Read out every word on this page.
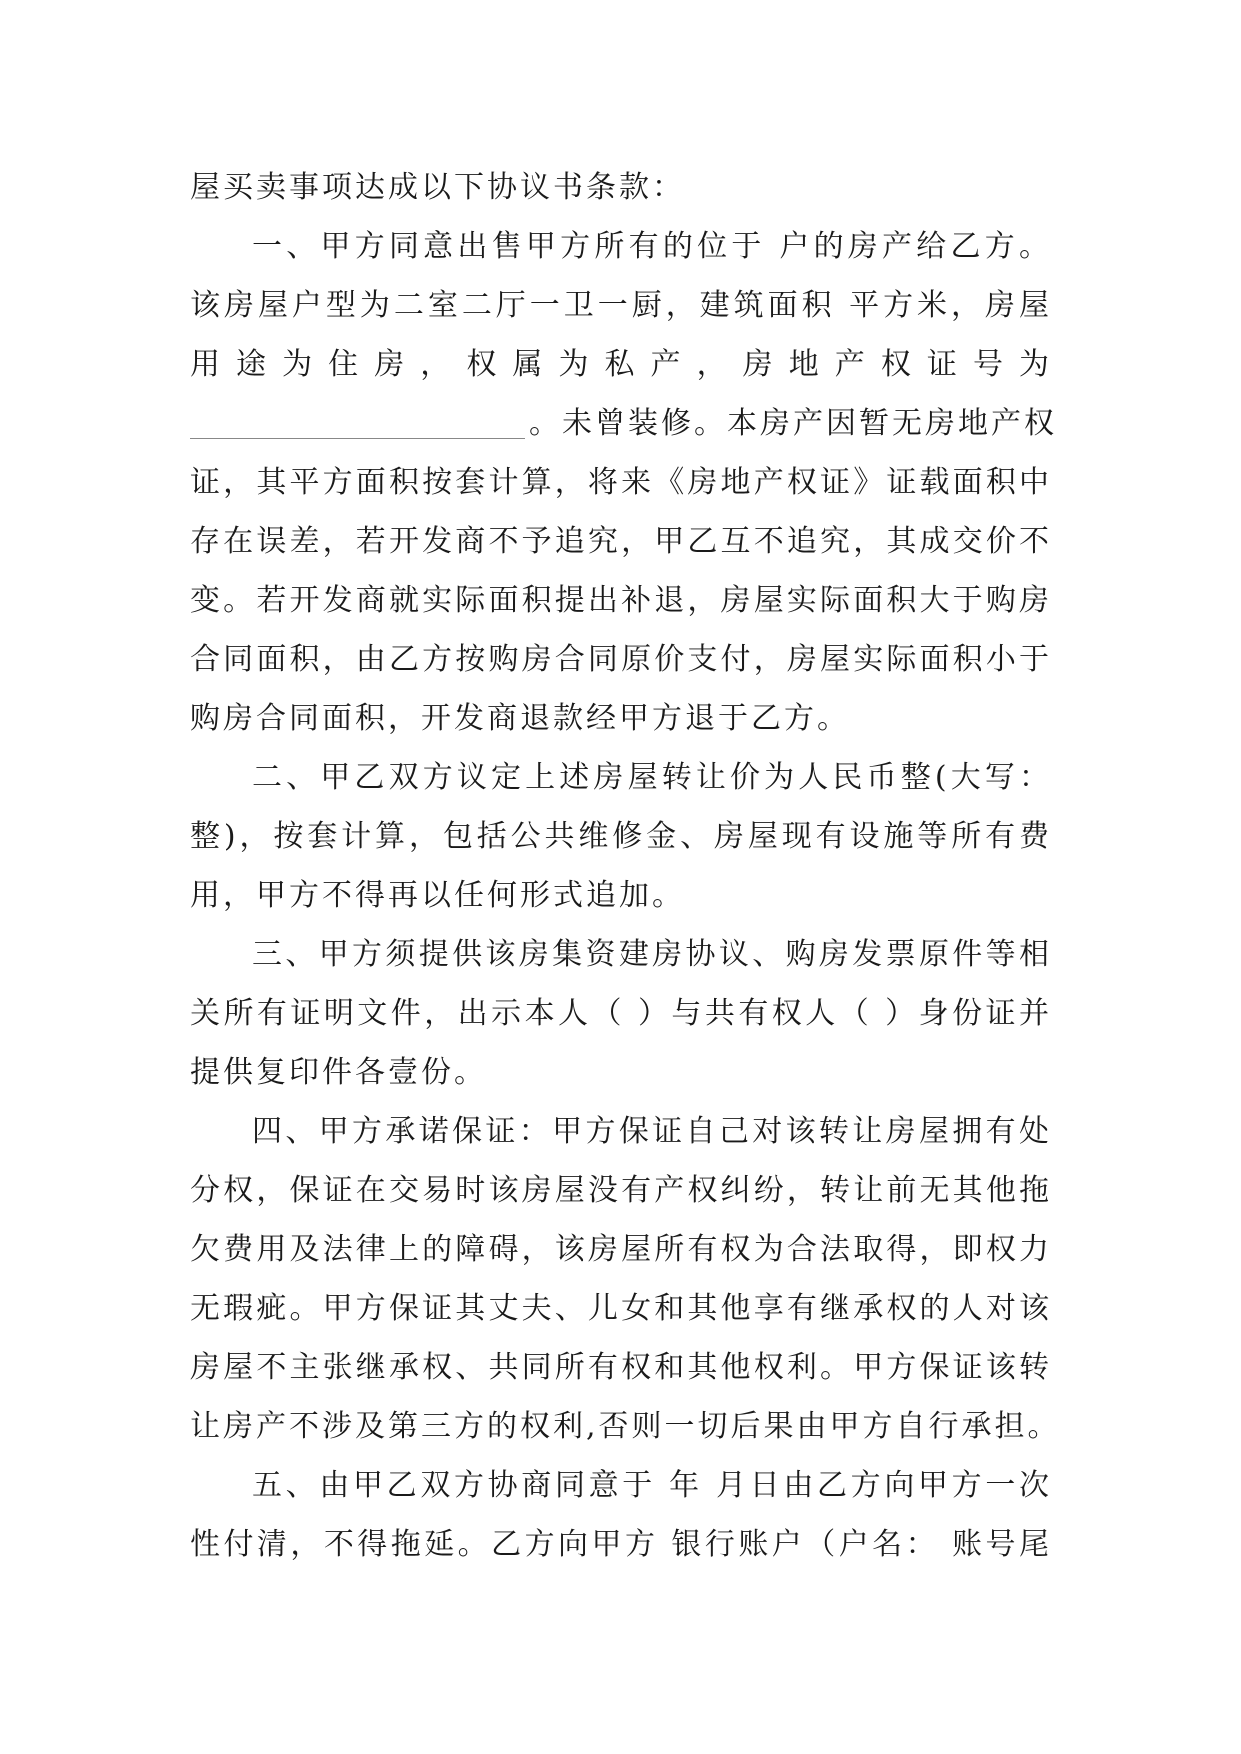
屋买卖事项达成以下协议书条款：
一、甲方同意出售甲方所有的位于 户的房产给乙方。
该房屋户型为二室二厅一卫一厨，建筑面积 平方米，房屋
用途为住房，权属为私产，房地产权证号为
。未曾装修。本房产因暂无房地产权
证，其平方面积按套计算，将来《房地产权证》证载面积中
存在误差，若开发商不予追究，甲乙互不追究，其成交价不
变。若开发商就实际面积提出补退，房屋实际面积大于购房
合同面积，由乙方按购房合同原价支付，房屋实际面积小于
购房合同面积，开发商退款经甲方退于乙方。
二、甲乙双方议定上述房屋转让价为人民币整(大写：
整)，按套计算，包括公共维修金、房屋现有设施等所有费
用，甲方不得再以任何形式追加。
三、甲方须提供该房集资建房协议、购房发票原件等相
关所有证明文件，出示本人（ ）与共有权人（ ）身份证并
提供复印件各壹份。
四、甲方承诺保证：甲方保证自己对该转让房屋拥有处
分权，保证在交易时该房屋没有产权纠纷，转让前无其他拖
欠费用及法律上的障碍，该房屋所有权为合法取得，即权力
无瑕疵。甲方保证其丈夫、儿女和其他享有继承权的人对该
房屋不主张继承权、共同所有权和其他权利。甲方保证该转
让房产不涉及第三方的权利,否则一切后果由甲方自行承担。
五、由甲乙双方协商同意于 年 月日由乙方向甲方一次
性付清，不得拖延。乙方向甲方 银行账户（户名： 账号尾
